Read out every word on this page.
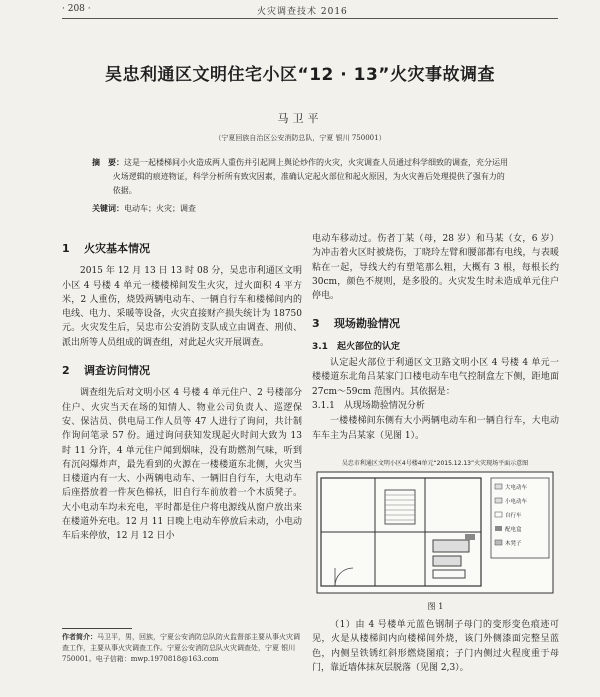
· 208 ·	火灾调查技术 2016
吴忠利通区文明住宅小区“12 · 13”火灾事故调查
马卫平
（宁夏回族自治区公安消防总队，宁夏 银川 750001）
摘　要：这是一起楼梯间小火造成两人重伤并引起网上舆论炒作的火灾，火灾调查人员通过科学细致的调查，充分运用火场逻辑的痕迹物证，科学分析所有致灾因素，准确认定起火部位和起火原因，为火灾善后处理提供了强有力的依据。
关键词：电动车；火灾；调查
1 火灾基本情况

2015 年 12 月 13 日 13 时 08 分，吴忠市利通区文明小区 4 号楼 4 单元一楼楼梯间发生火灾，过火面积 4 平方米，2 人重伤，烧毁两辆电动车、一辆自行车和楼梯间内的电线、电力、采暖等设备，火灾直接财产损失统计为 18750 元。火灾发生后，吴忠市公安消防支队成立由调查、刑侦、派出所等人员组成的调查组，对此起火灾开展调查。

2 调查访问情况

调查组先后对文明小区 4 号楼 4 单元住户、2 号楼部分住户、火灾当天在场的知情人、物业公司负责人、巡逻保安、保洁员、供电局工作人员等 47 人进行了询问，共计制作询问笔录 57 份。通过询问获知发现起火时间大致为 13 时 11 分许，4 单元住户闻到烟味，没有助燃剂气味，听到有沉闷爆炸声，最先看到的火源在一楼楼道东北侧，火灾当日楼道内有一大、小两辆电动车、一辆旧自行车，大电动车后座搭放着一件灰色棉袄，旧自行车前放着一个木质凳子。大小电动车均未充电，平时都是住户将电源线从窗户放出来在楼道外充电。12 月 11 日晚上电动车停放后未动，小电动车后来停放，12 月 12 日小

作者简介：马卫平，男，回族，宁夏公安消防总队防火监督部主要从事火灾调查工作，主要从事火灾调查工作。宁夏公安消防总队火灾调查处，宁夏 银川 750001。电子信箱：mwp.1970818@163.com

电动车移动过。伤者丁某（母，28 岁）和马某（女，6 岁）为冲击着火区时被烧伤，丁晓玲左臂和腰部都有电线，与表暖粘在一起，导线大约有塑笔那么粗，大概有 3 根，每根长约 30cm，颜色不规则，是多股的。火灾发生时未造成单元住户停电。

3 现场勘验情况
3.1　起火部位的认定

认定起火部位于利通区文卫路文明小区 4 号楼 4 单元一楼楼道东北角吕某家门口楼电动车电气控制盒左下侧，距地面 27cm～59cm 范围内。其依据是：

3.1.1　从现场勘验情况分析

一楼楼梯间东侧有大小两辆电动车和一辆自行车，大电动车车主为吕某家（见图 1）。

吴忠市利通区文明小区4号楼4单元“2015.12.13”火灾现场平面示意图
大电动车
小电动车
自行车
配电盒
木凳子
图 1

（1）由 4 号楼单元蓝色钢制子母门的变形变色痕迹可见，火是从楼梯间内向楼梯间外烧，该门外侧漆面完整呈蓝色，内侧呈铁锈红斜形燃烧图痕；子门内侧过火程度重于母门，靠近墙体抹灰层脱落（见图 2,3）。
